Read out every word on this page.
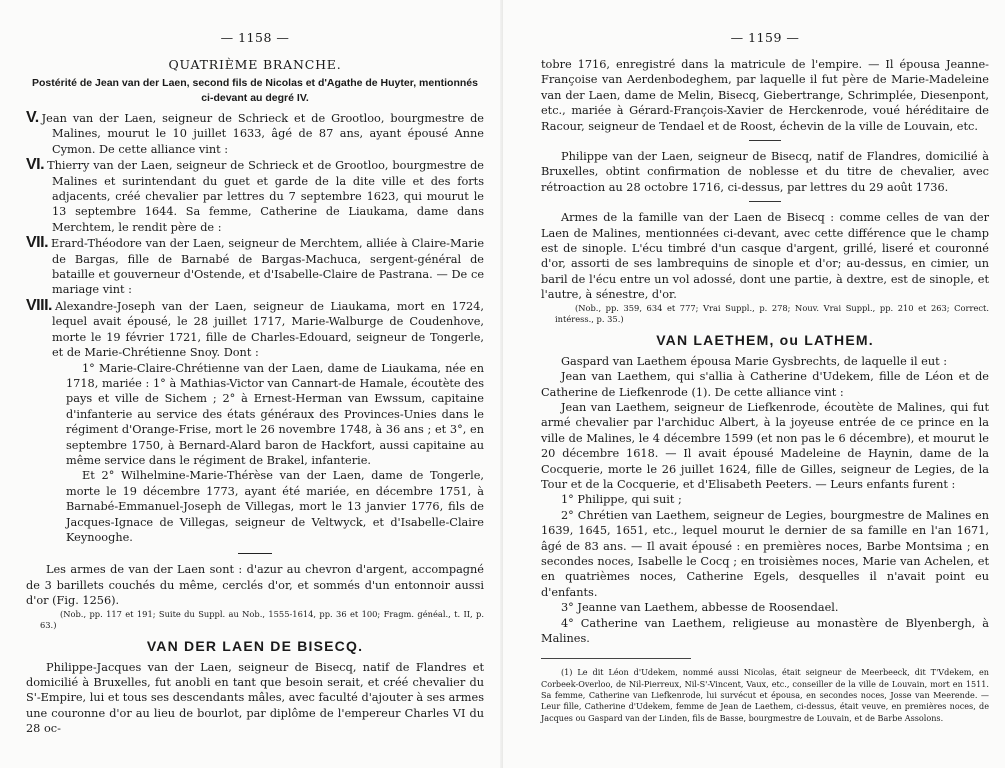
— 1158 —
QUATRIÈME BRANCHE.
Postérité de Jean van der Laen, second fils de Nicolas et d'Agathe de Huyter, mentionnés ci-devant au degré IV.
V. Jean van der Laen, seigneur de Schrieck et de Grootloo, bourgmestre de Malines, mourut le 10 juillet 1633, âgé de 87 ans, ayant épousé Anne Cymon. De cette alliance vint :
VI. Thierry van der Laen, seigneur de Schrieck et de Grootloo, bourgmestre de Malines et surintendant du guet et garde de la dite ville et des forts adjacents, créé chevalier par lettres du 7 septembre 1623, qui mourut le 13 septembre 1644. Sa femme, Catherine de Liaukama, dame dans Merchtem, le rendit père de :
VII. Erard-Théodore van der Laen, seigneur de Merchtem, alliée à Claire-Marie de Bargas, fille de Barnabé de Bargas-Machuca, sergent-général de bataille et gouverneur d'Ostende, et d'Isabelle-Claire de Pastrana. — De ce mariage vint :
VIII. Alexandre-Joseph van der Laen, seigneur de Liaukama, mort en 1724, lequel avait épousé, le 28 juillet 1717, Marie-Walburge de Coudenhove, morte le 19 février 1721, fille de Charles-Edouard, seigneur de Tongerle, et de Marie-Chrétienne Snoy. Dont :

1° Marie-Claire-Chrétienne van der Laen, dame de Liaukama, née en 1718, mariée : 1° à Mathias-Victor van Cannart-de Hamale, écoutète des pays et ville de Sichem ; 2° à Ernest-Herman van Ewssum, capitaine d'infanterie au service des états généraux des Provinces-Unies dans le régiment d'Orange-Frise, mort le 26 novembre 1748, à 36 ans ; et 3°, en septembre 1750, à Bernard-Alard baron de Hackfort, aussi capitaine au même service dans le régiment de Brakel, infanterie.

Et 2° Wilhelmine-Marie-Thérèse van der Laen, dame de Tongerle, morte le 19 décembre 1773, ayant été mariée, en décembre 1751, à Barnabé-Emmanuel-Joseph de Villegas, mort le 13 janvier 1776, fils de Jacques-Ignace de Villegas, seigneur de Veltwyck, et d'Isabelle-Claire Keynooghe.

Les armes de van der Laen sont : d'azur au chevron d'argent, accompagné de 3 barillets couchés du même, cerclés d'or, et sommés d'un entonnoir aussi d'or (Fig. 1256).

(Nob., pp. 117 et 191; Suite du Suppl. au Nob., 1555-1614, pp. 36 et 100; Fragm. généal., t. II, p. 63.)

VAN DER LAEN DE BISECQ.

Philippe-Jacques van der Laen, seigneur de Bisecq, natif de Flandres et domicilié à Bruxelles, fut anobli en tant que besoin serait, et créé chevalier du S'-Empire, lui et tous ses descendants mâles, avec faculté d'ajouter à ses armes une couronne d'or au lieu de bourlot, par diplôme de l'empereur Charles VI du 28 oc-

— 1159 —

tobre 1716, enregistré dans la matricule de l'empire. — Il épousa Jeanne-Françoise van Aerdenbodeghem, par laquelle il fut père de Marie-Madeleine van der Laen, dame de Melin, Bisecq, Giebertrange, Schrimplée, Diesenpont, etc., mariée à Gérard-François-Xavier de Herckenrode, voué héréditaire de Racour, seigneur de Tendael et de Roost, échevin de la ville de Louvain, etc.

Philippe van der Laen, seigneur de Bisecq, natif de Flandres, domicilié à Bruxelles, obtint confirmation de noblesse et du titre de chevalier, avec rétroaction au 28 octobre 1716, ci-dessus, par lettres du 29 août 1736.

Armes de la famille van der Laen de Bisecq : comme celles de van der Laen de Malines, mentionnées ci-devant, avec cette différence que le champ est de sinople. L'écu timbré d'un casque d'argent, grillé, liseré et couronné d'or, assorti de ses lambrequins de sinople et d'or; au-dessus, en cimier, un baril de l'écu entre un vol adossé, dont une partie, à dextre, est de sinople, et l'autre, à sénestre, d'or.

(Nob., pp. 359, 634 et 777; Vrai Suppl., p. 278; Nouv. Vrai Suppl., pp. 210 et 263; Correct. intéress., p. 35.)

VAN LAETHEM, ou LATHEM.

Gaspard van Laethem épousa Marie Gysbrechts, de laquelle il eut :

Jean van Laethem, qui s'allia à Catherine d'Udekem, fille de Léon et de Catherine de Liefkenrode (1). De cette alliance vint :

Jean van Laethem, seigneur de Liefkenrode, écoutète de Malines, qui fut armé chevalier par l'archiduc Albert, à la joyeuse entrée de ce prince en la ville de Malines, le 4 décembre 1599 (et non pas le 6 décembre), et mourut le 20 décembre 1618. — Il avait épousé Madeleine de Haynin, dame de la Cocquerie, morte le 26 juillet 1624, fille de Gilles, seigneur de Legies, de la Tour et de la Cocquerie, et d'Elisabeth Peeters. — Leurs enfants furent :

1° Philippe, qui suit ;

2° Chrétien van Laethem, seigneur de Legies, bourgmestre de Malines en 1639, 1645, 1651, etc., lequel mourut le dernier de sa famille en l'an 1671, âgé de 83 ans. — Il avait épousé : en premières noces, Barbe Montsima ; en secondes noces, Isabelle le Cocq ; en troisièmes noces, Marie van Achelen, et en quatrièmes noces, Catherine Egels, desquelles il n'avait point eu d'enfants.

3° Jeanne van Laethem, abbesse de Roosendael.

4° Catherine van Laethem, religieuse au monastère de Blyenbergh, à Malines.

(1) Le dit Léon d'Udekem, nommé aussi Nicolas, était seigneur de Meerbeeck, dit T'Vdekem, en Corbeek-Overloo, de Nil-Pierreux, Nil-S'-Vincent, Vaux, etc., conseiller de la ville de Louvain, mort en 1511. Sa femme, Catherine van Liefkenrode, lui survécut et épousa, en secondes noces, Josse van Meerende. — Leur fille, Catherine d'Udekem, femme de Jean de Laethem, ci-dessus, était veuve, en premières noces, de Jacques ou Gaspard van der Linden, fils de Basse, bourgmestre de Louvain, et de Barbe Assolons.
